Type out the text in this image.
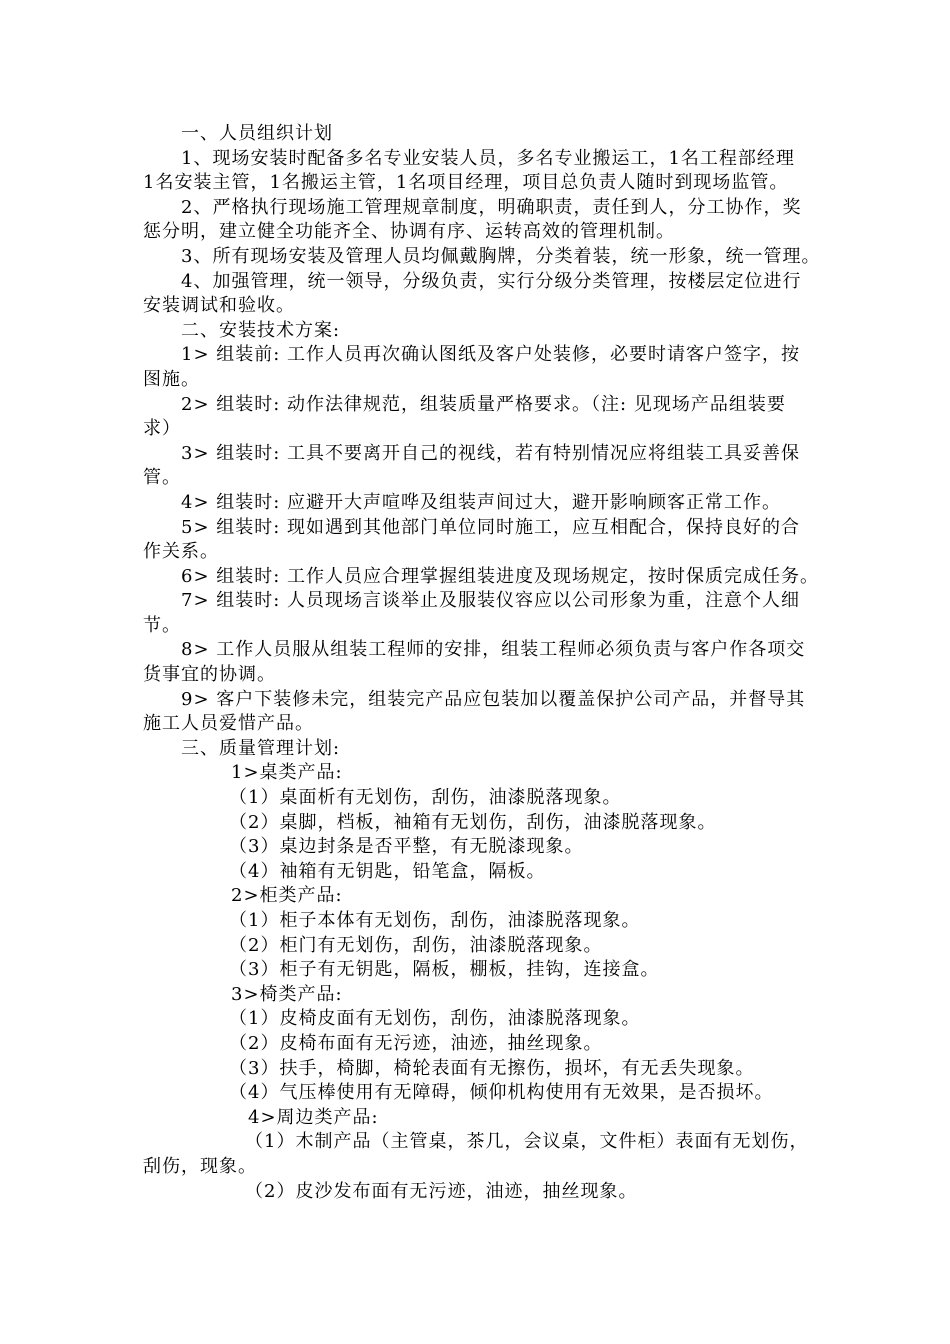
一、人员组织计划
1、现场安装时配备多名专业安装人员，多名专业搬运工，1名工程部经理
1名安装主管，1名搬运主管，1名项目经理，项目总负责人随时到现场监管。
2、严格执行现场施工管理规章制度，明确职责，责任到人，分工协作，奖
惩分明，建立健全功能齐全、协调有序、运转高效的管理机制。
3、所有现场安装及管理人员均佩戴胸牌，分类着装，统一形象，统一管理。
4、加强管理，统一领导，分级负责，实行分级分类管理，按楼层定位进行
安装调试和验收。
二、安装技术方案:
1> 组装前: 工作人员再次确认图纸及客户处装修，必要时请客户签字，按
图施。
2> 组装时: 动作法律规范，组装质量严格要求。（注: 见现场产品组装要
求）
3> 组装时: 工具不要离开自己的视线，若有特别情况应将组装工具妥善保
管。
4> 组装时: 应避开大声喧哗及组装声间过大，避开影响顾客正常工作。
5> 组装时: 现如遇到其他部门单位同时施工，应互相配合，保持良好的合
作关系。
6> 组装时: 工作人员应合理掌握组装进度及现场规定，按时保质完成任务。
7> 组装时: 人员现场言谈举止及服装仪容应以公司形象为重，注意个人细
节。
8> 工作人员服从组装工程师的安排，组装工程师必须负责与客户作各项交
货事宜的协调。
9> 客户下装修未完，组装完产品应包装加以覆盖保护公司产品，并督导其
施工人员爱惜产品。
三、质量管理计划:
1>桌类产品:
（1）桌面析有无划伤，刮伤，油漆脱落现象。
（2）桌脚，档板，袖箱有无划伤，刮伤，油漆脱落现象。
（3）桌边封条是否平整，有无脱漆现象。
（4）袖箱有无钥匙，铅笔盒，隔板。
2>柜类产品:
（1）柜子本体有无划伤，刮伤，油漆脱落现象。
（2）柜门有无划伤，刮伤，油漆脱落现象。
（3）柜子有无钥匙，隔板，棚板，挂钩，连接盒。
3>椅类产品:
（1）皮椅皮面有无划伤，刮伤，油漆脱落现象。
（2）皮椅布面有无污迹，油迹，抽丝现象。
（3）扶手，椅脚，椅轮表面有无擦伤，损坏，有无丢失现象。
（4）气压棒使用有无障碍，倾仰机构使用有无效果，是否损坏。
4>周边类产品:
（1）木制产品（主管桌，茶几，会议桌，文件柜）表面有无划伤，
刮伤，现象。
（2）皮沙发布面有无污迹，油迹，抽丝现象。
